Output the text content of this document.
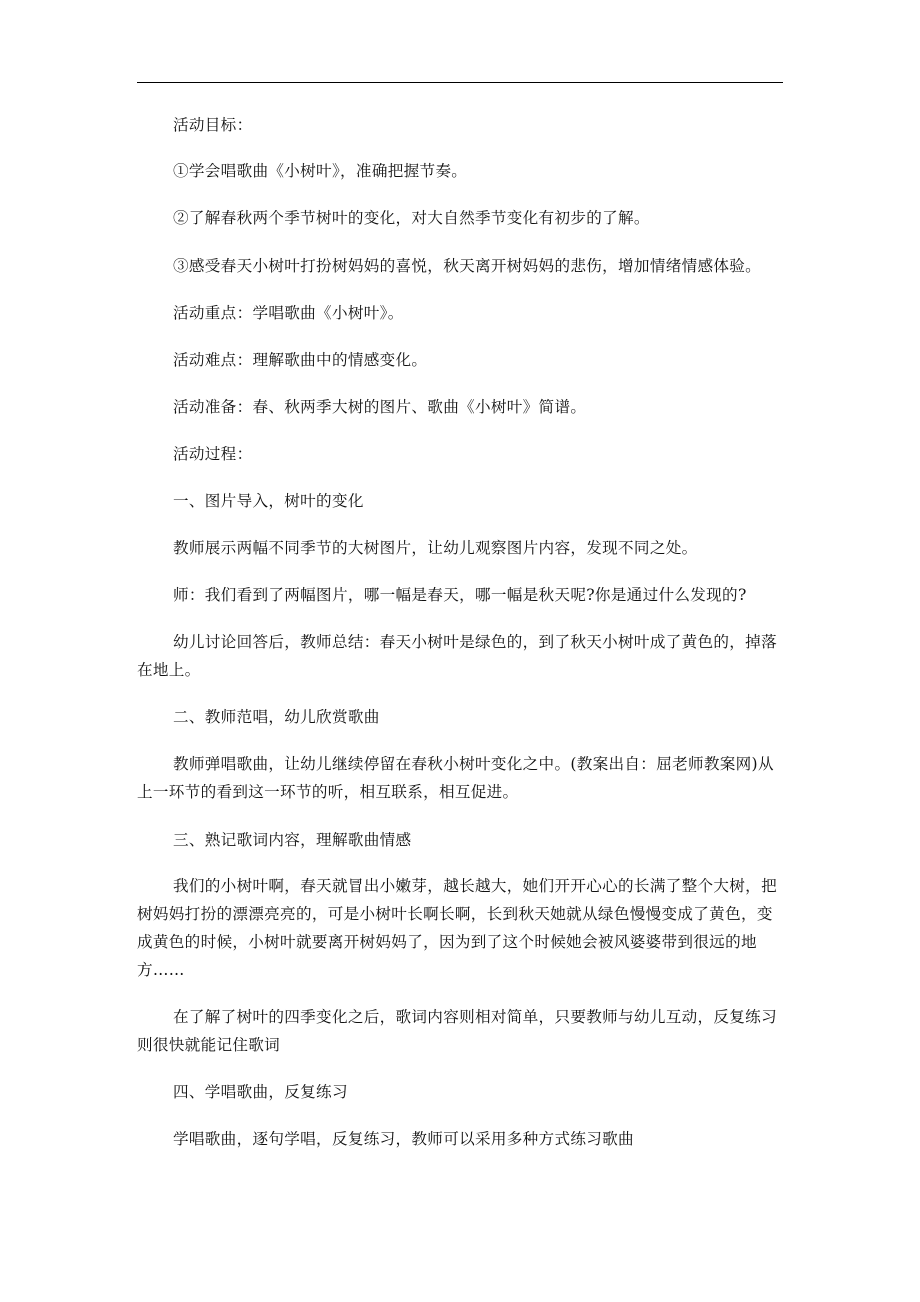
活动目标：

①学会唱歌曲《小树叶》，准确把握节奏。

②了解春秋两个季节树叶的变化，对大自然季节变化有初步的了解。

③感受春天小树叶打扮树妈妈的喜悦，秋天离开树妈妈的悲伤，增加情绪情感体验。

活动重点：学唱歌曲《小树叶》。

活动难点：理解歌曲中的情感变化。

活动准备：春、秋两季大树的图片、歌曲《小树叶》简谱。

活动过程：

一、图片导入，树叶的变化

教师展示两幅不同季节的大树图片，让幼儿观察图片内容，发现不同之处。

师：我们看到了两幅图片，哪一幅是春天，哪一幅是秋天呢?你是通过什么发现的?

幼儿讨论回答后，教师总结：春天小树叶是绿色的，到了秋天小树叶成了黄色的，掉落在地上。

二、教师范唱，幼儿欣赏歌曲

教师弹唱歌曲，让幼儿继续停留在春秋小树叶变化之中。(教案出自：屈老师教案网)从上一环节的看到这一环节的听，相互联系，相互促进。

三、熟记歌词内容，理解歌曲情感

我们的小树叶啊，春天就冒出小嫩芽，越长越大，她们开开心心的长满了整个大树，把树妈妈打扮的漂漂亮亮的，可是小树叶长啊长啊，长到秋天她就从绿色慢慢变成了黄色，变成黄色的时候，小树叶就要离开树妈妈了，因为到了这个时候她会被风婆婆带到很远的地方……

在了解了树叶的四季变化之后，歌词内容则相对简单，只要教师与幼儿互动，反复练习则很快就能记住歌词

四、学唱歌曲，反复练习

学唱歌曲，逐句学唱，反复练习，教师可以采用多种方式练习歌曲
